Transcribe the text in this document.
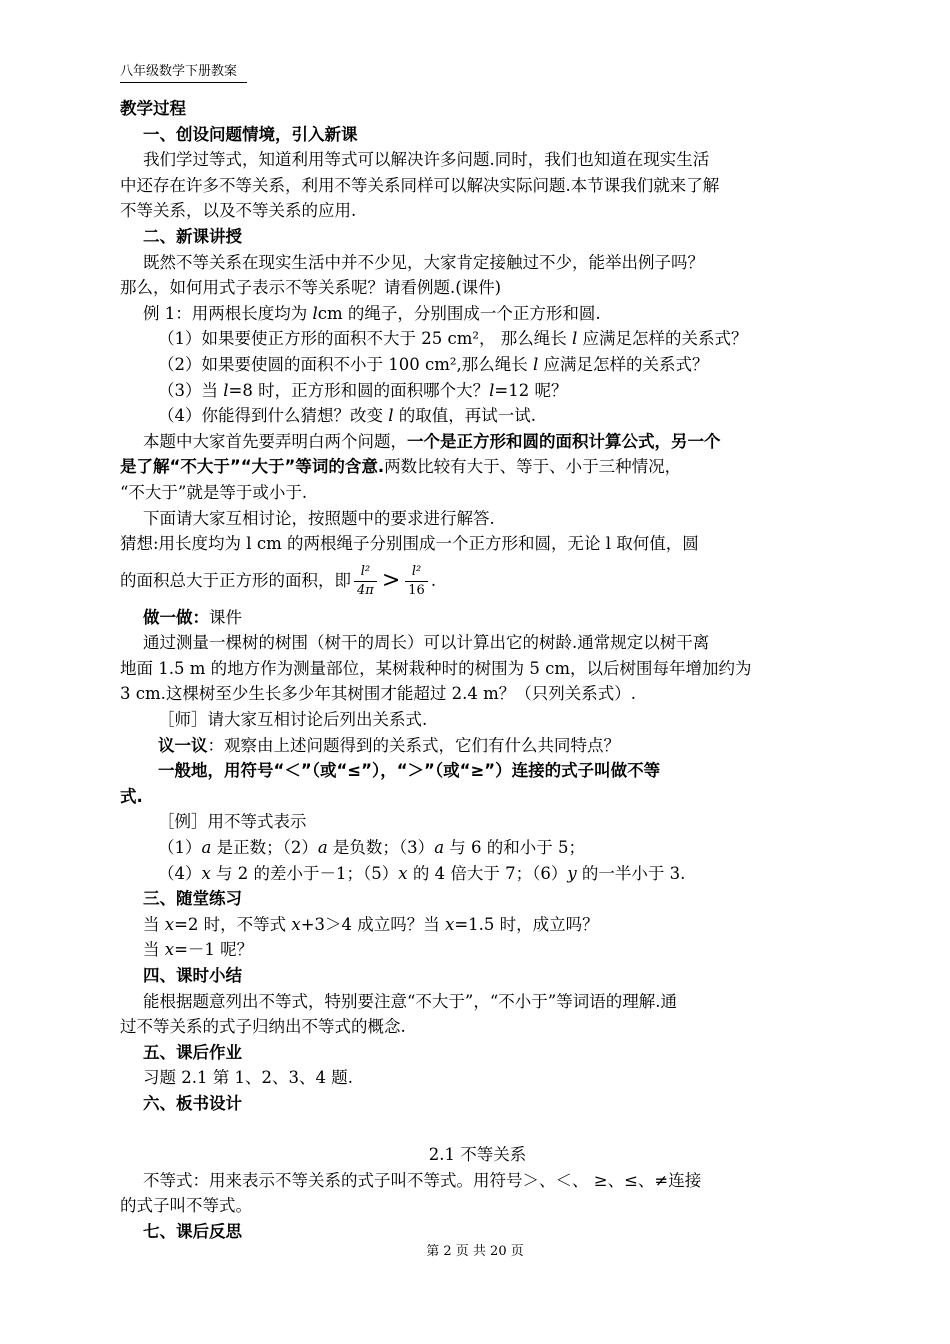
八年级数学下册教案
教学过程
一、创设问题情境，引入新课
我们学过等式，知道利用等式可以解决许多问题.同时，我们也知道在现实生活
中还存在许多不等关系，利用不等关系同样可以解决实际问题.本节课我们就来了解
不等关系，以及不等关系的应用.
二、新课讲授
既然不等关系在现实生活中并不少见，大家肯定接触过不少，能举出例子吗？
那么，如何用式子表示不等关系呢？请看例题.(课件)
例 1：用两根长度均为 lcm 的绳子，分别围成一个正方形和圆.
（1）如果要使正方形的面积不大于 25 cm²， 那么绳长 l 应满足怎样的关系式？
（2）如果要使圆的面积不小于 100 cm²,那么绳长 l 应满足怎样的关系式？
（3）当 l=8 时，正方形和圆的面积哪个大？l=12 呢？
（4）你能得到什么猜想？改变 l 的取值，再试一试.
本题中大家首先要弄明白两个问题，一个是正方形和圆的面积计算公式，另一个
是了解“不大于”“大于”等词的含意.两数比较有大于、等于、小于三种情况，
“不大于”就是等于或小于.
下面请大家互相讨论，按照题中的要求进行解答.
猜想:用长度均为 l cm 的两根绳子分别围成一个正方形和圆，无论 l 取何值，圆
的面积总大于正方形的面积，即 $\frac{\text{l²}}{4\pi} > \frac{\text{l²}}{16}$ .
做一做：课件
通过测量一棵树的树围（树干的周长）可以计算出它的树龄.通常规定以树干离
地面 1.5 m 的地方作为测量部位，某树栽种时的树围为 5 cm，以后树围每年增加约为
3 cm.这棵树至少生长多少年其树围才能超过 2.4 m？（只列关系式）.
［师］请大家互相讨论后列出关系式.
议一议：观察由上述问题得到的关系式，它们有什么共同特点？
一般地，用符号“＜”（或“≤”），“＞”（或“≥”）连接的式子叫做不等
式.
［例］用不等式表示
（1）a 是正数；（2）a 是负数；（3）a 与 6 的和小于 5；
（4）x 与 2 的差小于－1；（5）x 的 4 倍大于 7；（6）y 的一半小于 3.
三、随堂练习
当 x=2 时，不等式 x+3＞4 成立吗？当 x=1.5 时，成立吗？
当 x=－1 呢？
四、课时小结
能根据题意列出不等式，特别要注意“不大于”，“不小于”等词语的理解.通
过不等关系的式子归纳出不等式的概念.
五、课后作业
习题 2.1 第 1、2、3、4 题.
六、板书设计
2.1 不等关系
不等式：用来表示不等关系的式子叫不等式。用符号＞、＜、 ≥、≤、≠连接
的式子叫不等式。
七、课后反思
第 2 页 共 20 页
